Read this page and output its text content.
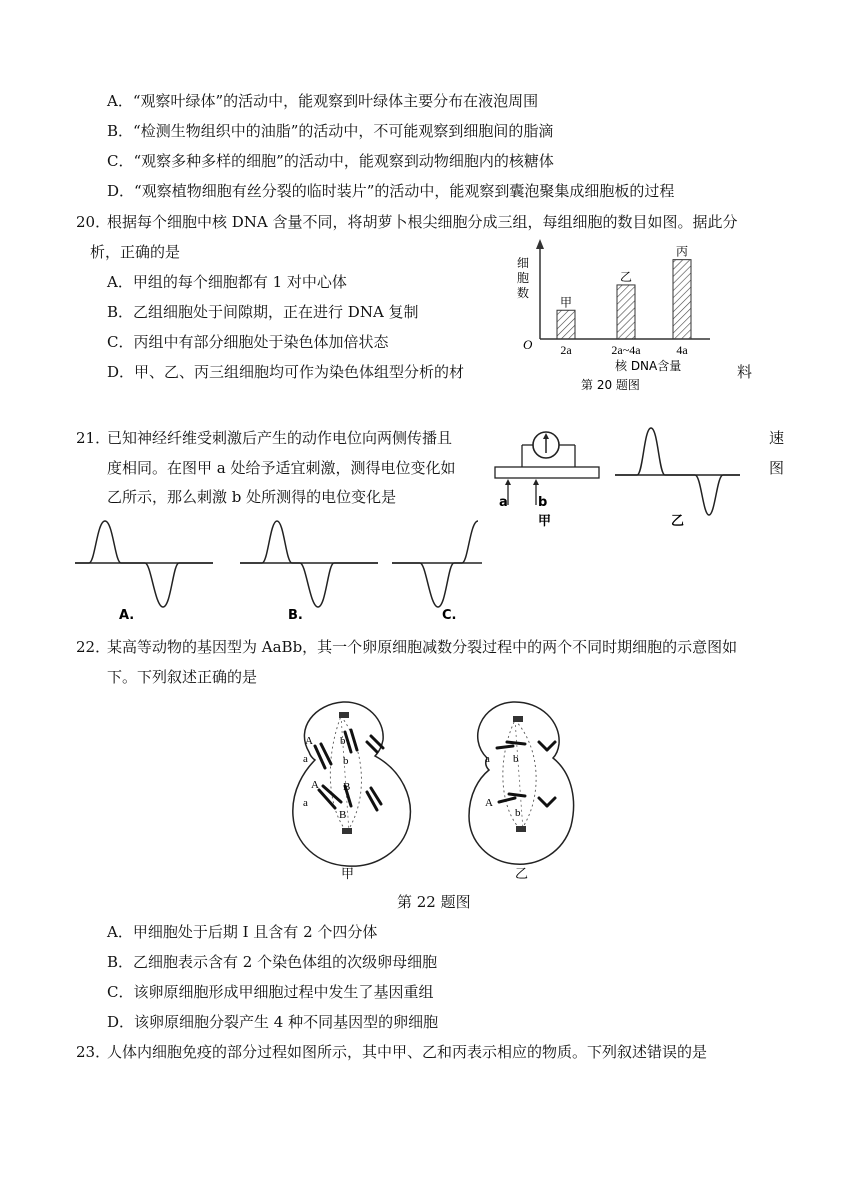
A．“观察叶绿体”的活动中，能观察到叶绿体主要分布在液泡周围
B．“检测生物组织中的油脂”的活动中，不可能观察到细胞间的脂滴
C．“观察多种多样的细胞”的活动中，能观察到动物细胞内的核糖体
D．“观察植物细胞有丝分裂的临时装片”的活动中，能观察到囊泡聚集成细胞板的过程
20．
根据每个细胞中核 DNA 含量不同，将胡萝卜根尖细胞分成三组，每组细胞的数目如图。据此分
析，正确的是
A．甲组的每个细胞都有 1 对中心体
B．乙组细胞处于间隙期，正在进行 DNA 复制
C．丙组中有部分细胞处于染色体加倍状态
D．甲、乙、丙三组细胞均可作为染色体组型分析的材	料
O
核 DNA含量
第 20 题图
细
胞
数
甲
2a
乙
2a~4a
丙
4a
21．
已知神经纤维受刺激后产生的动作电位向两侧传播且	速
度相同。在图甲 a 处给予适宜刺激，测得电位变化如	图
乙所示，那么刺激 b 处所测得的电位变化是	a b
甲	乙
A.	B.	C.
22．
某高等动物的基因型为 AaBb，其一个卵原细胞减数分裂过程中的两个不同时期细胞的示意图如
下。下列叙述正确的是
A
a
b
b
A
a
B
B
甲
a b
A
b
乙
第 22 题图
A．甲细胞处于后期 I 且含有 2 个四分体
B．乙细胞表示含有 2 个染色体组的次级卵母细胞
C．该卵原细胞形成甲细胞过程中发生了基因重组
D．该卵原细胞分裂产生 4 种不同基因型的卵细胞
23．
人体内细胞免疫的部分过程如图所示，其中甲、乙和丙表示相应的物质。下列叙述错误的是
